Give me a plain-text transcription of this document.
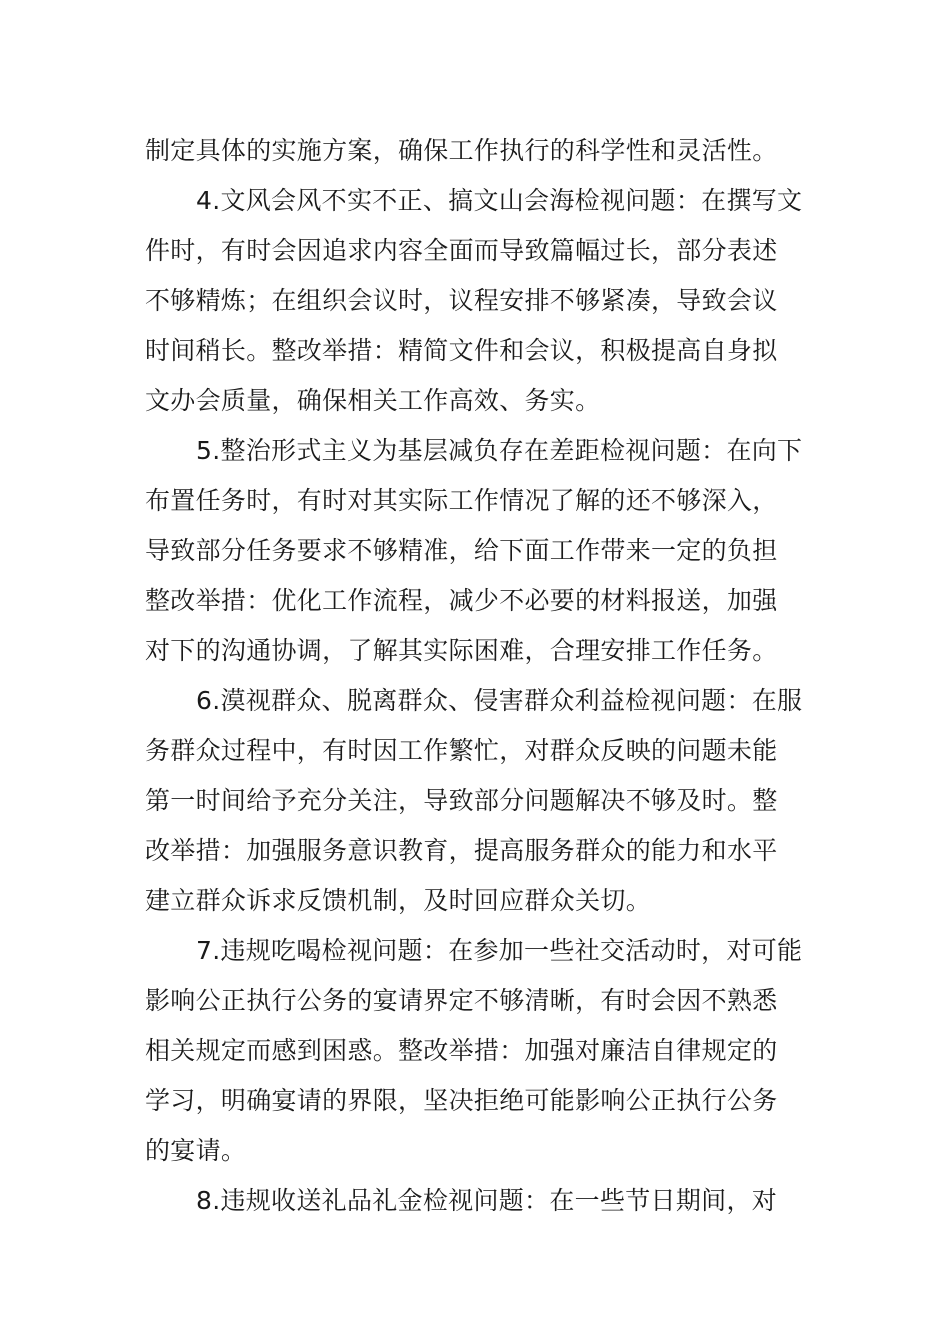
制定具体的实施方案，确保工作执行的科学性和灵活性。
4.文风会风不实不正、搞文山会海检视问题：在撰写文
件时，有时会因追求内容全面而导致篇幅过长，部分表述
不够精炼；在组织会议时，议程安排不够紧凑，导致会议
时间稍长。整改举措：精简文件和会议，积极提高自身拟
文办会质量，确保相关工作高效、务实。
5.整治形式主义为基层减负存在差距检视问题：在向下
布置任务时，有时对其实际工作情况了解的还不够深入，
导致部分任务要求不够精准，给下面工作带来一定的负担
整改举措：优化工作流程，减少不必要的材料报送，加强
对下的沟通协调，了解其实际困难，合理安排工作任务。
6.漠视群众、脱离群众、侵害群众利益检视问题：在服
务群众过程中，有时因工作繁忙，对群众反映的问题未能
第一时间给予充分关注，导致部分问题解决不够及时。整
改举措：加强服务意识教育，提高服务群众的能力和水平
建立群众诉求反馈机制，及时回应群众关切。
7.违规吃喝检视问题：在参加一些社交活动时，对可能
影响公正执行公务的宴请界定不够清晰，有时会因不熟悉
相关规定而感到困惑。整改举措：加强对廉洁自律规定的
学习，明确宴请的界限，坚决拒绝可能影响公正执行公务
的宴请。
8.违规收送礼品礼金检视问题：在一些节日期间，对
